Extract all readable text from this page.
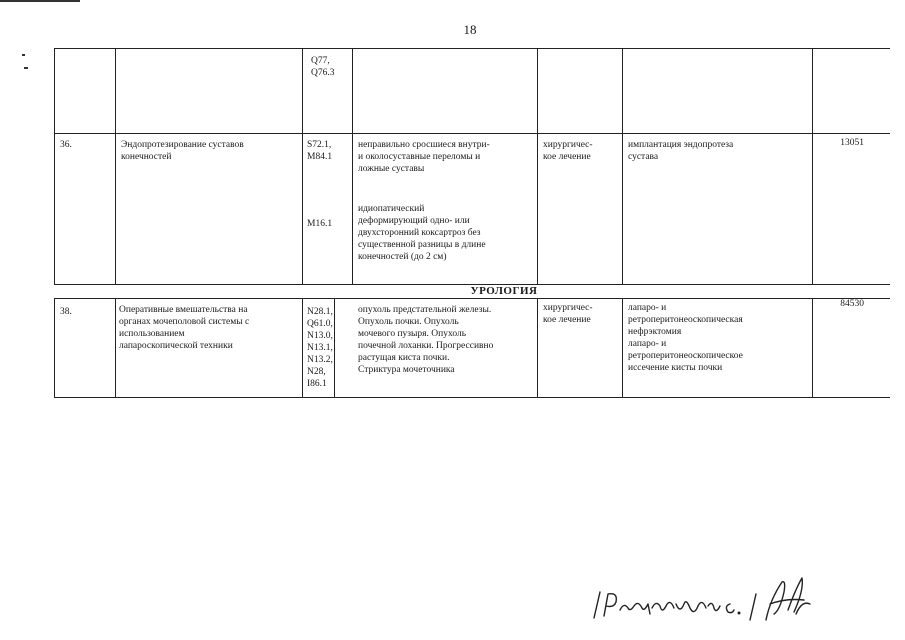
18
Q77,
Q76.3
36.	Эндопротезирование суставов
конечностей
S72.1,
M84.1
неправильно сросшиеся внутри-
и околосуставные переломы и
ложные суставы
M16.1
идиопатический
деформирующий одно- или
двухсторонний коксартроз без
существенной разницы в длине
конечностей (до 2 см)
хирургичес-
кое лечение
имплантация эндопротеза
сустава
13051
УРОЛОГИЯ
38.	Оперативные вмешательства на
органах мочеполовой системы с
использованием
лапароскопической техники
N28.1,
Q61.0,
N13.0,
N13.1,
N13.2,
N28,
I86.1
опухоль предстательной железы.
Опухоль почки. Опухоль
мочевого пузыря. Опухоль
почечной лоханки. Прогрессивно
растущая киста почки.
Стриктура мочеточника
хирургичес-
кое лечение
лапаро- и
ретроперитонеоскопическая
нефрэктомия
лапаро- и
ретроперитонеоскопическое
иссечение кисты почки
84530
